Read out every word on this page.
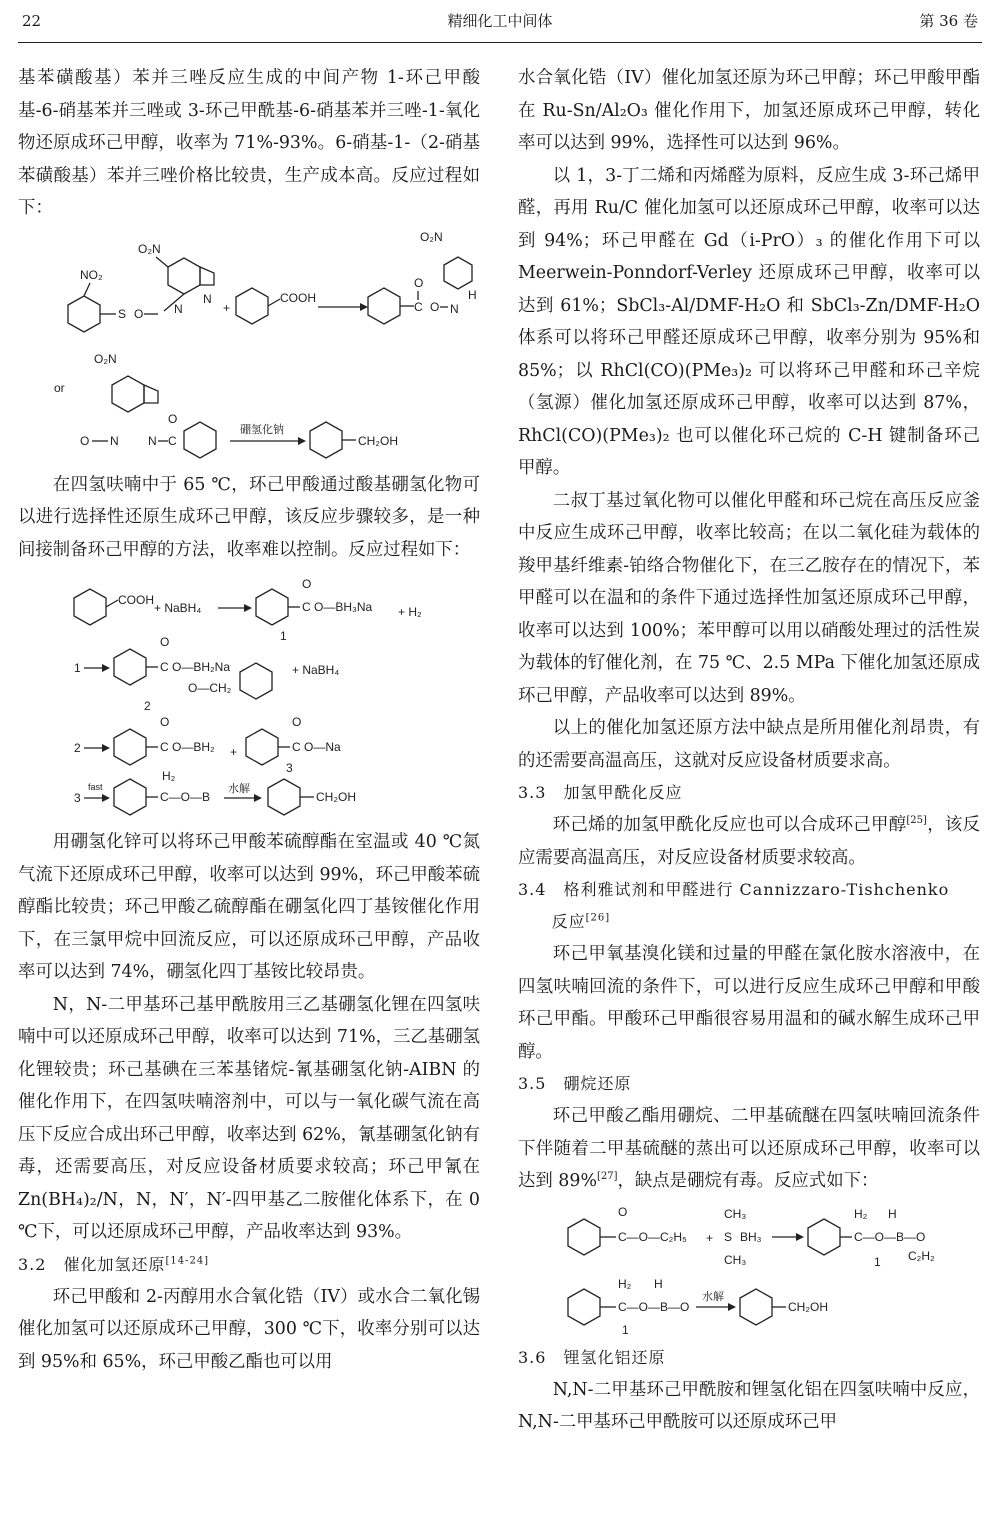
22	精细化工中间体	第 36 卷

基苯磺酸基）苯并三唑反应生成的中间产物 1-环己甲酸基-6-硝基苯并三唑或 3-环己甲酰基-6-硝基苯并三唑-1-氧化物还原成环己甲醇，收率为 71%-93%。6-硝基-1-（2-硝基苯磺酸基）苯并三唑价格比较贵，生产成本高。反应过程如下：

NO₂
S O
O₂N
N
N
+
COOH
C
O
O
O₂N
N
H
or
O₂N
O N N C
O
硼氢化钠
CH₂OH

在四氢呋喃中于 65 ℃，环己甲酸通过酸基硼氢化物可以进行选择性还原生成环己甲醇，该反应步骤较多，是一种间接制备环己甲醇的方法，收率难以控制。反应过程如下：

COOH
+ NaBH₄	C
O
O—BH₃Na + H₂
1
1	C
O
O—BH₂Na
O—CH₂
+ NaBH₄
2
2	C
O
O—BH₂ +	C
O
O—Na
3
3
fast
H₂
C—O—B
水解
CH₂OH

用硼氢化锌可以将环己甲酸苯硫醇酯在室温或 40 ℃氮气流下还原成环己甲醇，收率可以达到 99%，环己甲酸苯硫醇酯比较贵；环己甲酸乙硫醇酯在硼氢化四丁基铵催化作用下，在三氯甲烷中回流反应，可以还原成环己甲醇，产品收率可以达到 74%，硼氢化四丁基铵比较昂贵。

N，N-二甲基环己基甲酰胺用三乙基硼氢化锂在四氢呋喃中可以还原成环己甲醇，收率可以达到 71%，三乙基硼氢化锂较贵；环己基碘在三苯基锗烷-氰基硼氢化钠-AIBN 的催化作用下，在四氢呋喃溶剂中，可以与一氧化碳气流在高压下反应合成出环己甲醇，收率达到 62%，氰基硼氢化钠有毒，还需要高压，对反应设备材质要求较高；环己甲氰在 Zn(BH₄)₂/N，N，N′，N′-四甲基乙二胺催化体系下，在 0 ℃下，可以还原成环己甲醇，产品收率达到 93%。

3.2　催化加氢还原[14-24]

环己甲酸和 2-丙醇用水合氧化锆（IV）或水合二氧化锡催化加氢可以还原成环己甲醇，300 ℃下，收率分别可以达到 95%和 65%，环己甲酸乙酯也可以用

水合氧化锆（IV）催化加氢还原为环己甲醇；环己甲酸甲酯在 Ru-Sn/Al₂O₃ 催化作用下，加氢还原成环己甲醇，转化率可以达到 99%，选择性可以达到 96%。

以 1，3-丁二烯和丙烯醛为原料，反应生成 3-环己烯甲醛，再用 Ru/C 催化加氢可以还原成环己甲醇，收率可以达到 94%；环己甲醛在 Gd（i-PrO）₃ 的催化作用下可以 Meerwein-Ponndorf-Verley 还原成环己甲醇，收率可以达到 61%；SbCl₃-Al/DMF-H₂O 和 SbCl₃-Zn/DMF-H₂O 体系可以将环己甲醛还原成环己甲醇，收率分别为 95%和 85%；以 RhCl(CO)(PMe₃)₂ 可以将环己甲醛和环己辛烷（氢源）催化加氢还原成环己甲醇，收率可以达到 87%，RhCl(CO)(PMe₃)₂ 也可以催化环己烷的 C-H 键制备环己甲醇。

二叔丁基过氧化物可以催化甲醛和环己烷在高压反应釜中反应生成环己甲醇，收率比较高；在以二氧化硅为载体的羧甲基纤维素-铂络合物催化下，在三乙胺存在的情况下，苯甲醛可以在温和的条件下通过选择性加氢还原成环己甲醇，收率可以达到 100%；苯甲醇可以用以硝酸处理过的活性炭为载体的钌催化剂，在 75 ℃、2.5 MPa 下催化加氢还原成环己甲醇，产品收率可以达到 89%。

以上的催化加氢还原方法中缺点是所用催化剂昂贵，有的还需要高温高压，这就对反应设备材质要求高。

3.3　加氢甲酰化反应

环己烯的加氢甲酰化反应也可以合成环己甲醇[25]，该反应需要高温高压，对反应设备材质要求较高。

3.4　格利雅试剂和甲醛进行 Cannizzaro-Tishchenko
反应[26]

环己甲氧基溴化镁和过量的甲醛在氯化胺水溶液中，在四氢呋喃回流的条件下，可以进行反应生成环己甲醇和甲酸环己甲酯。甲酸环己甲酯很容易用温和的碱水解生成环己甲醇。

3.5　硼烷还原

环己甲酸乙酯用硼烷、二甲基硫醚在四氢呋喃回流条件下伴随着二甲基硫醚的蒸出可以还原成环己甲醇，收率可以达到 89%[27]，缺点是硼烷有毒。反应式如下：

O
C—O—C₂H₅ +
CH₃
S
CH₃
BH₃
H₂ H
C—O—B—O
C₂H₂
1
H₂ H
C—O—B—O
1
水解
CH₂OH
3.6　锂氢化铝还原

N,N-二甲基环己甲酰胺和锂氢化铝在四氢呋喃中反应，N,N-二甲基环己甲酰胺可以还原成环己甲
